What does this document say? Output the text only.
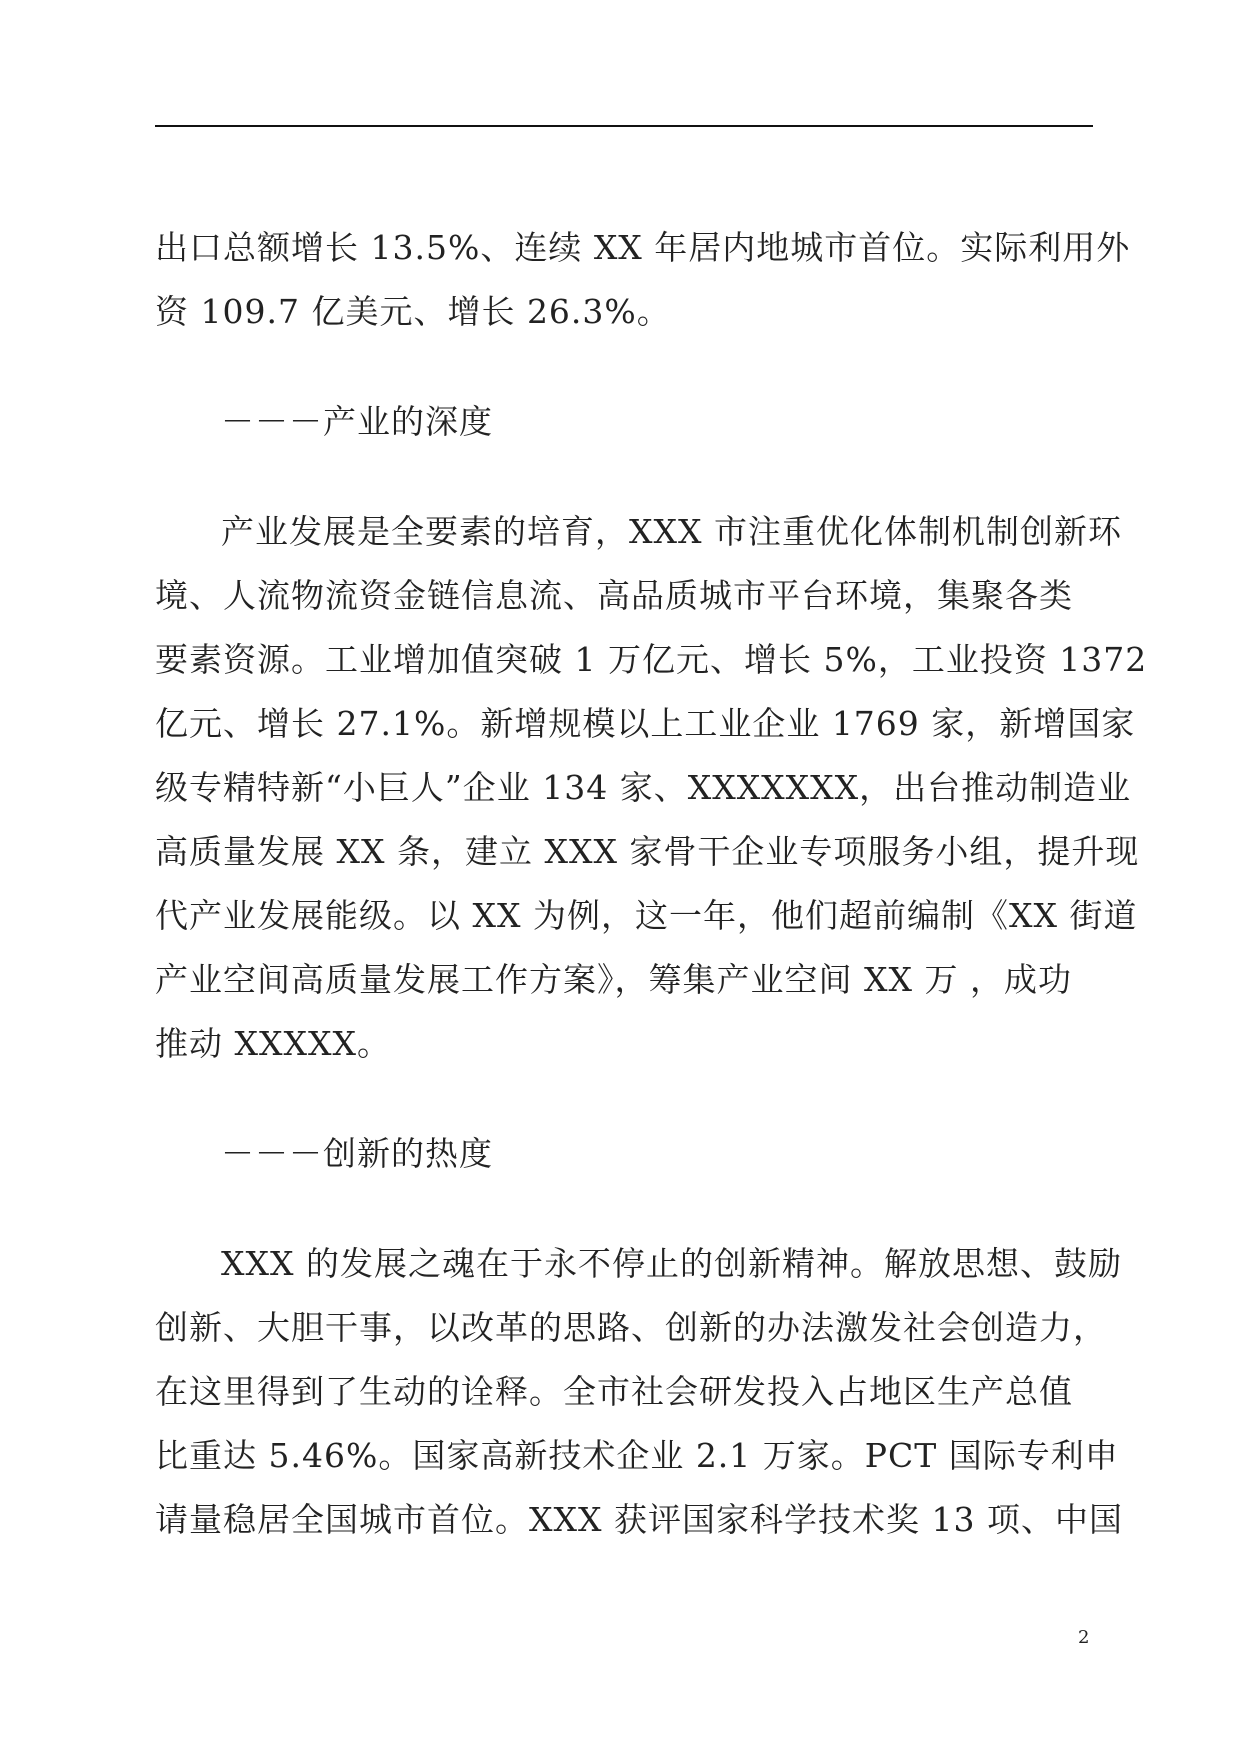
出口总额增长 13.5%、连续 XX 年居内地城市首位。实际利用外
资 109.7 亿美元、增长 26.3%。
－－－产业的深度
产业发展是全要素的培育，XXX 市注重优化体制机制创新环
境、人流物流资金链信息流、高品质城市平台环境，集聚各类
要素资源。工业增加值突破 1 万亿元、增长 5%，工业投资 1372
亿元、增长 27.1%。新增规模以上工业企业 1769 家，新增国家
级专精特新“小巨人”企业 134 家、XXXXXXX，出台推动制造业
高质量发展 XX 条，建立 XXX 家骨干企业专项服务小组，提升现
代产业发展能级。以 XX 为例，这一年，他们超前编制《XX 街道
产业空间高质量发展工作方案》，筹集产业空间 XX 万 ，成功
推动 XXXXX。
－－－创新的热度
XXX 的发展之魂在于永不停止的创新精神。解放思想、鼓励
创新、大胆干事，以改革的思路、创新的办法激发社会创造力，
在这里得到了生动的诠释。全市社会研发投入占地区生产总值
比重达 5.46%。国家高新技术企业 2.1 万家。PCT 国际专利申
请量稳居全国城市首位。XXX 获评国家科学技术奖 13 项、中国
2
